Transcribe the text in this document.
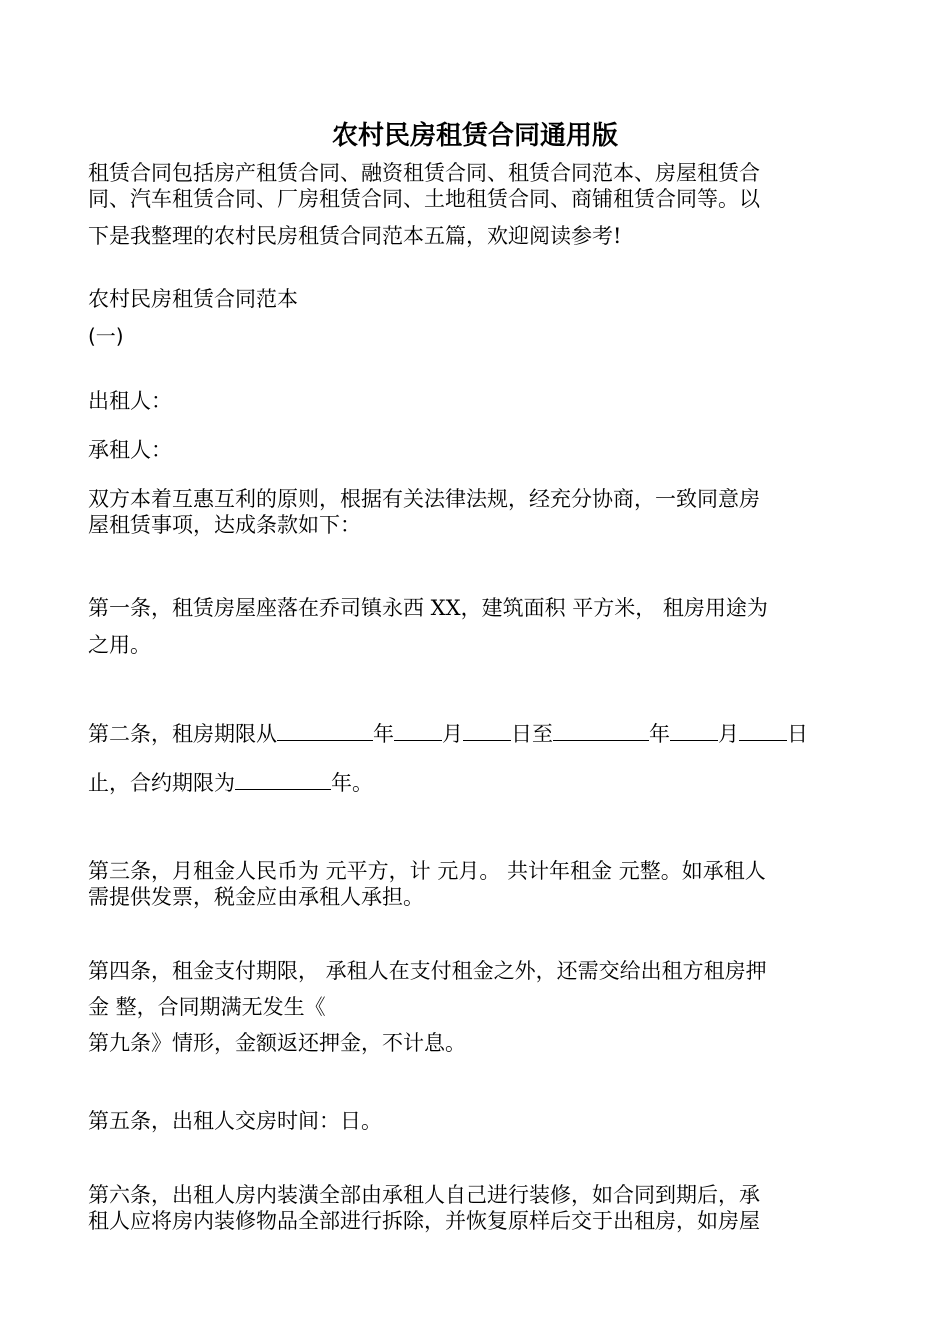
农村民房租赁合同通用版
租赁合同包括房产租赁合同、融资租赁合同、租赁合同范本、房屋租赁合
同、汽车租赁合同、厂房租赁合同、土地租赁合同、商铺租赁合同等。以
下是我整理的农村民房租赁合同范本五篇，欢迎阅读参考!
农村民房租赁合同范本
(一)
出租人：
承租人：
双方本着互惠互利的原则，根据有关法律法规，经充分协商，一致同意房
屋租赁事项，达成条款如下：
第一条，租赁房屋座落在乔司镇永西 XX，建筑面积 平方米， 租房用途为
之用。
第二条，租房期限从	年 月 日至	年 月 日
止，合约期限为	年。
第三条，月租金人民币为 元平方，计 元月。 共计年租金 元整。如承租人
需提供发票，税金应由承租人承担。
第四条，租金支付期限， 承租人在支付租金之外，还需交给出租方租房押
金 整，合同期满无发生《
第九条》情形，金额返还押金，不计息。
第五条，出租人交房时间：日。
第六条，出租人房内装潢全部由承租人自己进行装修，如合同到期后，承
租人应将房内装修物品全部进行拆除，并恢复原样后交于出租房，如房屋
